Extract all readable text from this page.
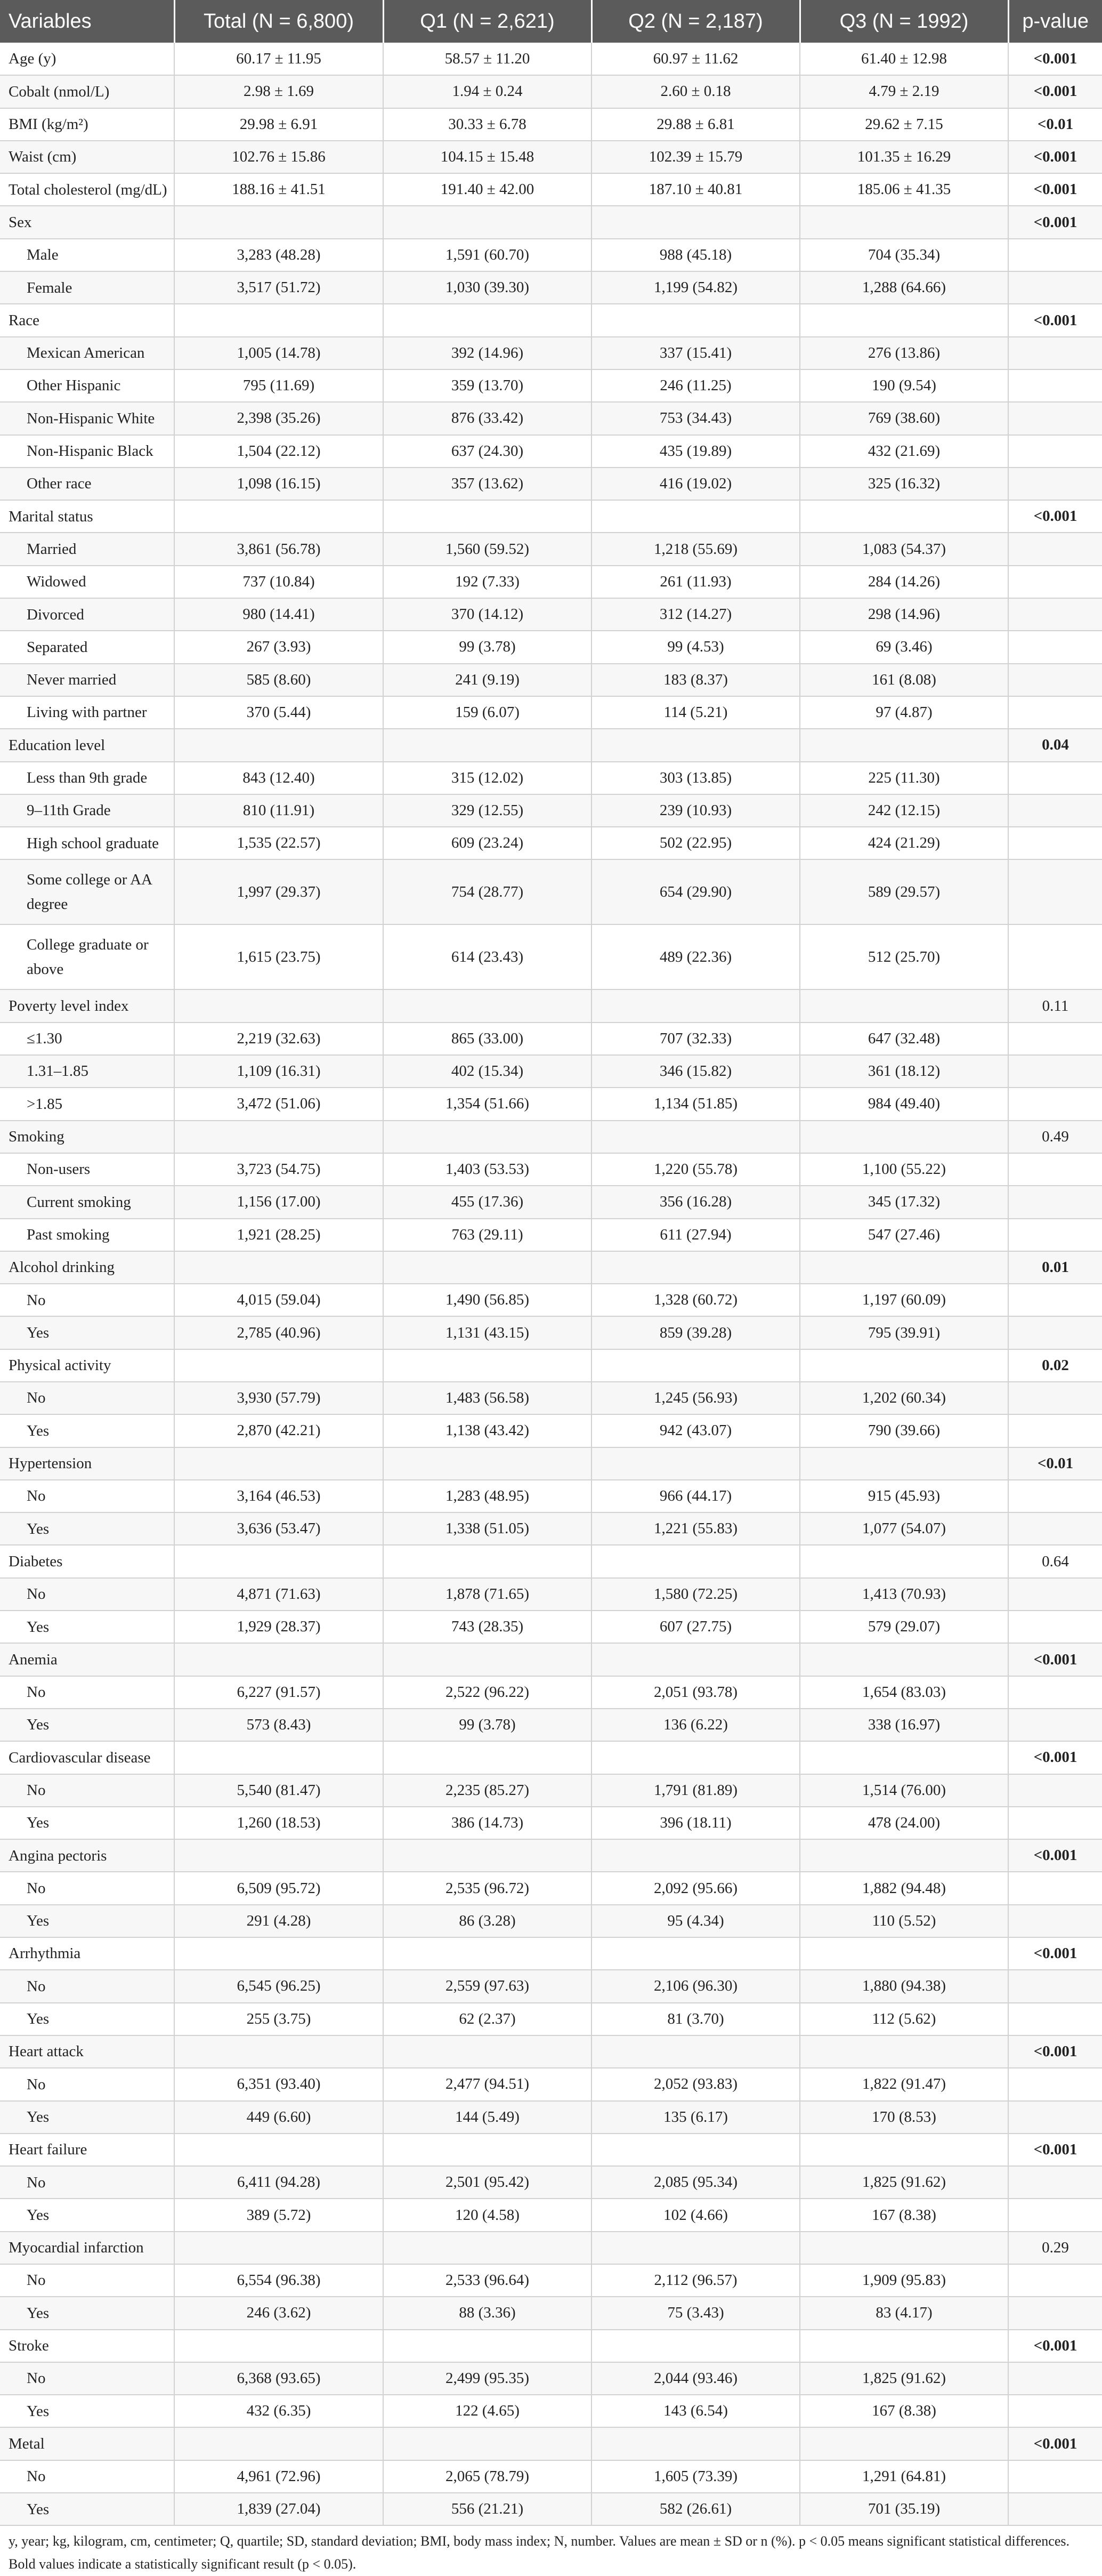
Variables	Total (N = 6,800)	Q1 (N = 2,621)	Q2 (N = 2,187)	Q3 (N = 1992)	p-value
Age (y)	60.17 ± 11.95	58.57 ± 11.20	60.97 ± 11.62	61.40 ± 12.98	<0.001
Cobalt (nmol/L)	2.98 ± 1.69	1.94 ± 0.24	2.60 ± 0.18	4.79 ± 2.19	<0.001
BMI (kg/m²)	29.98 ± 6.91	30.33 ± 6.78	29.88 ± 6.81	29.62 ± 7.15	<0.01
Waist (cm)	102.76 ± 15.86	104.15 ± 15.48	102.39 ± 15.79	101.35 ± 16.29	<0.001
Total cholesterol (mg/dL)	188.16 ± 41.51	191.40 ± 42.00	187.10 ± 40.81	185.06 ± 41.35	<0.001
Sex					<0.001
Male	3,283 (48.28)	1,591 (60.70)	988 (45.18)	704 (35.34)	
Female	3,517 (51.72)	1,030 (39.30)	1,199 (54.82)	1,288 (64.66)	
Race					<0.001
Mexican American	1,005 (14.78)	392 (14.96)	337 (15.41)	276 (13.86)	
Other Hispanic	795 (11.69)	359 (13.70)	246 (11.25)	190 (9.54)	
Non-Hispanic White	2,398 (35.26)	876 (33.42)	753 (34.43)	769 (38.60)	
Non-Hispanic Black	1,504 (22.12)	637 (24.30)	435 (19.89)	432 (21.69)	
Other race	1,098 (16.15)	357 (13.62)	416 (19.02)	325 (16.32)	
Marital status					<0.001
Married	3,861 (56.78)	1,560 (59.52)	1,218 (55.69)	1,083 (54.37)	
Widowed	737 (10.84)	192 (7.33)	261 (11.93)	284 (14.26)	
Divorced	980 (14.41)	370 (14.12)	312 (14.27)	298 (14.96)	
Separated	267 (3.93)	99 (3.78)	99 (4.53)	69 (3.46)	
Never married	585 (8.60)	241 (9.19)	183 (8.37)	161 (8.08)	
Living with partner	370 (5.44)	159 (6.07)	114 (5.21)	97 (4.87)	
Education level					0.04
Less than 9th grade	843 (12.40)	315 (12.02)	303 (13.85)	225 (11.30)	
9–11th Grade	810 (11.91)	329 (12.55)	239 (10.93)	242 (12.15)	
High school graduate	1,535 (22.57)	609 (23.24)	502 (22.95)	424 (21.29)	
Some college or AA degree	1,997 (29.37)	754 (28.77)	654 (29.90)	589 (29.57)	
College graduate or above	1,615 (23.75)	614 (23.43)	489 (22.36)	512 (25.70)	
Poverty level index					0.11
≤1.30	2,219 (32.63)	865 (33.00)	707 (32.33)	647 (32.48)	
1.31–1.85	1,109 (16.31)	402 (15.34)	346 (15.82)	361 (18.12)	
>1.85	3,472 (51.06)	1,354 (51.66)	1,134 (51.85)	984 (49.40)	
Smoking					0.49
Non-users	3,723 (54.75)	1,403 (53.53)	1,220 (55.78)	1,100 (55.22)	
Current smoking	1,156 (17.00)	455 (17.36)	356 (16.28)	345 (17.32)	
Past smoking	1,921 (28.25)	763 (29.11)	611 (27.94)	547 (27.46)	
Alcohol drinking					0.01
No	4,015 (59.04)	1,490 (56.85)	1,328 (60.72)	1,197 (60.09)	
Yes	2,785 (40.96)	1,131 (43.15)	859 (39.28)	795 (39.91)	
Physical activity					0.02
No	3,930 (57.79)	1,483 (56.58)	1,245 (56.93)	1,202 (60.34)	
Yes	2,870 (42.21)	1,138 (43.42)	942 (43.07)	790 (39.66)	
Hypertension					<0.01
No	3,164 (46.53)	1,283 (48.95)	966 (44.17)	915 (45.93)	
Yes	3,636 (53.47)	1,338 (51.05)	1,221 (55.83)	1,077 (54.07)	
Diabetes					0.64
No	4,871 (71.63)	1,878 (71.65)	1,580 (72.25)	1,413 (70.93)	
Yes	1,929 (28.37)	743 (28.35)	607 (27.75)	579 (29.07)	
Anemia					<0.001
No	6,227 (91.57)	2,522 (96.22)	2,051 (93.78)	1,654 (83.03)	
Yes	573 (8.43)	99 (3.78)	136 (6.22)	338 (16.97)	
Cardiovascular disease					<0.001
No	5,540 (81.47)	2,235 (85.27)	1,791 (81.89)	1,514 (76.00)	
Yes	1,260 (18.53)	386 (14.73)	396 (18.11)	478 (24.00)	
Angina pectoris					<0.001
No	6,509 (95.72)	2,535 (96.72)	2,092 (95.66)	1,882 (94.48)	
Yes	291 (4.28)	86 (3.28)	95 (4.34)	110 (5.52)	
Arrhythmia					<0.001
No	6,545 (96.25)	2,559 (97.63)	2,106 (96.30)	1,880 (94.38)	
Yes	255 (3.75)	62 (2.37)	81 (3.70)	112 (5.62)	
Heart attack					<0.001
No	6,351 (93.40)	2,477 (94.51)	2,052 (93.83)	1,822 (91.47)	
Yes	449 (6.60)	144 (5.49)	135 (6.17)	170 (8.53)	
Heart failure					<0.001
No	6,411 (94.28)	2,501 (95.42)	2,085 (95.34)	1,825 (91.62)	
Yes	389 (5.72)	120 (4.58)	102 (4.66)	167 (8.38)	
Myocardial infarction					0.29
No	6,554 (96.38)	2,533 (96.64)	2,112 (96.57)	1,909 (95.83)	
Yes	246 (3.62)	88 (3.36)	75 (3.43)	83 (4.17)	
Stroke					<0.001
No	6,368 (93.65)	2,499 (95.35)	2,044 (93.46)	1,825 (91.62)	
Yes	432 (6.35)	122 (4.65)	143 (6.54)	167 (8.38)	
Metal					<0.001
No	4,961 (72.96)	2,065 (78.79)	1,605 (73.39)	1,291 (64.81)	
Yes	1,839 (27.04)	556 (21.21)	582 (26.61)	701 (35.19)	

y, year; kg, kilogram, cm, centimeter; Q, quartile; SD, standard deviation; BMI, body mass index; N, number. Values are mean ± SD or n (%). p < 0.05 means significant statistical differences.

Bold values indicate a statistically significant result (p < 0.05).
